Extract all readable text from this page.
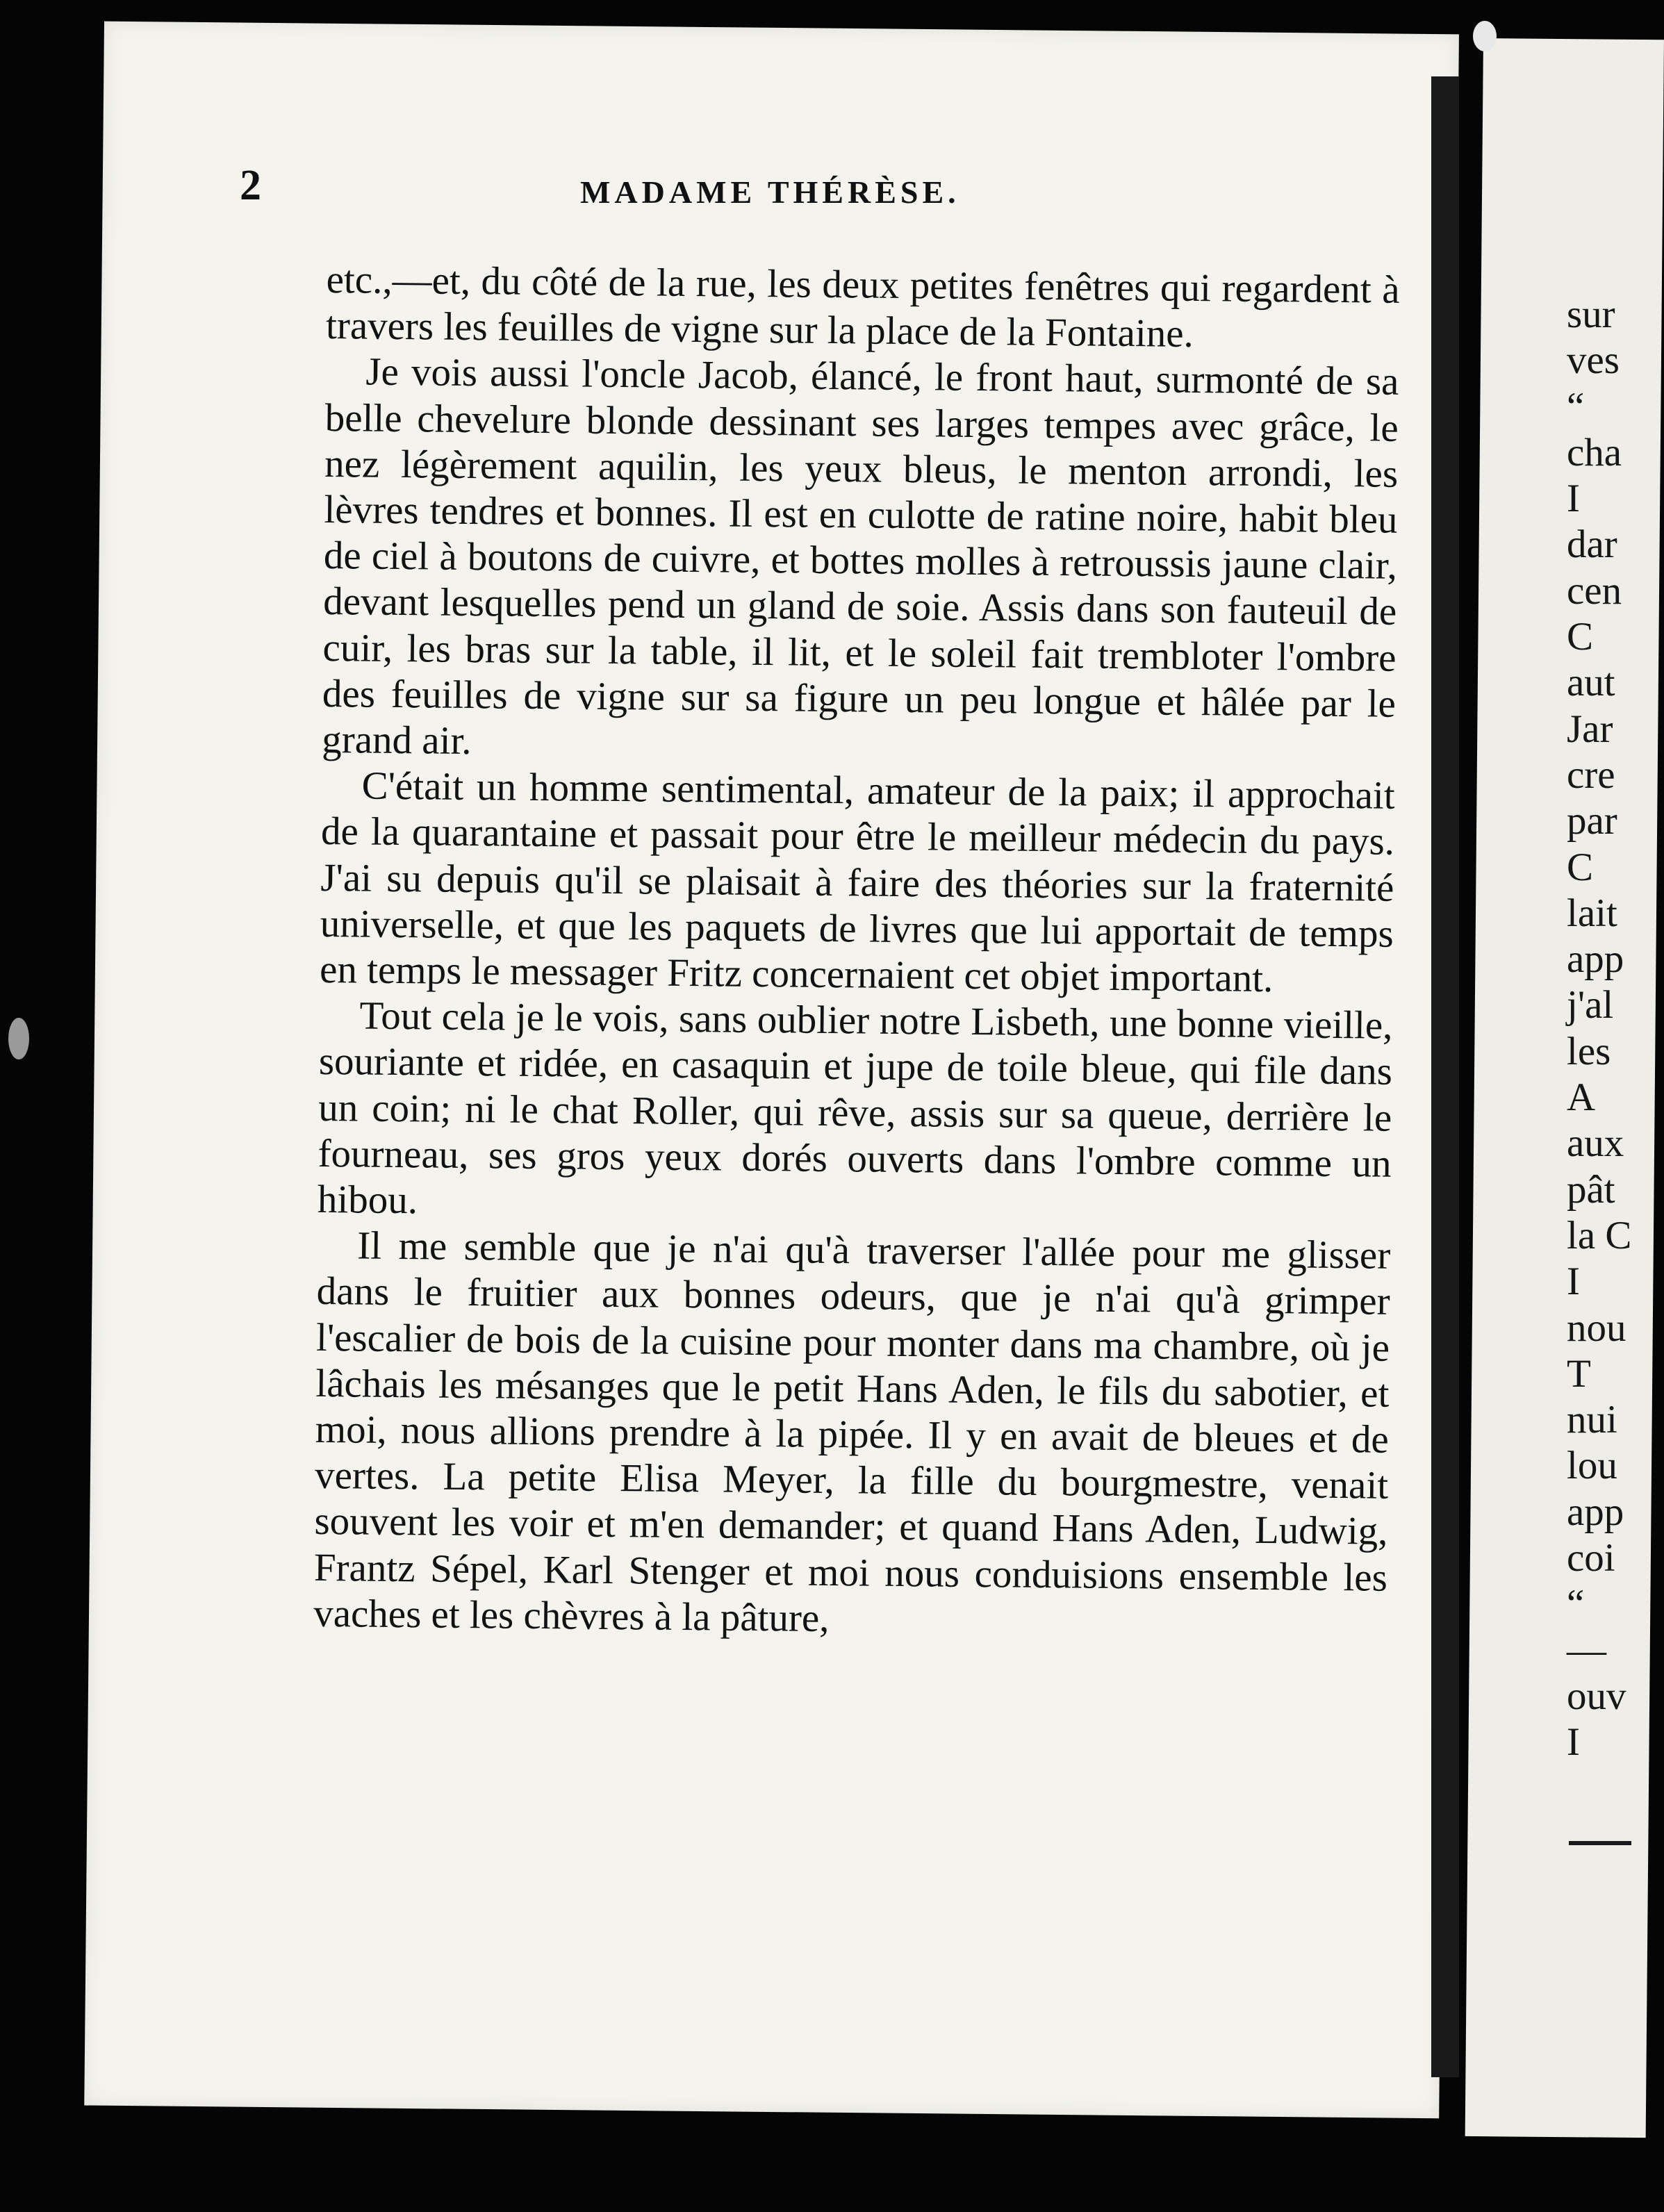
sur
ves
“
cha
I
dar
cen
C
aut
Jar
cre
par
C
lait
app
j'al
les
A
aux
pât
la C
I
nou
T
nui
lou
app
coi
“
—
ouv
I
2	MADAME THÉRÈSE.

etc.,—et, du côté de la rue, les deux petites fenêtres qui regardent à travers les feuilles de vigne sur la place de la Fontaine.

Je vois aussi l'oncle Jacob, élancé, le front haut, surmonté de sa belle chevelure blonde dessinant ses larges tempes avec grâce, le nez légèrement aquilin, les yeux bleus, le menton arrondi, les lèvres tendres et bonnes. Il est en culotte de ratine noire, habit bleu de ciel à boutons de cuivre, et bottes molles à retroussis jaune clair, devant lesquelles pend un gland de soie. Assis dans son fauteuil de cuir, les bras sur la table, il lit, et le soleil fait trembloter l'ombre des feuilles de vigne sur sa figure un peu longue et hâlée par le grand air.

C'était un homme sentimental, amateur de la paix; il approchait de la quarantaine et passait pour être le meilleur médecin du pays. J'ai su depuis qu'il se plaisait à faire des théories sur la fraternité universelle, et que les paquets de livres que lui apportait de temps en temps le messager Fritz concernaient cet objet important.

Tout cela je le vois, sans oublier notre Lisbeth, une bonne vieille, souriante et ridée, en casaquin et jupe de toile bleue, qui file dans un coin; ni le chat Roller, qui rêve, assis sur sa queue, derrière le fourneau, ses gros yeux dorés ouverts dans l'ombre comme un hibou.

Il me semble que je n'ai qu'à traverser l'allée pour me glisser dans le fruitier aux bonnes odeurs, que je n'ai qu'à grimper l'escalier de bois de la cuisine pour monter dans ma chambre, où je lâchais les mésanges que le petit Hans Aden, le fils du sabotier, et moi, nous allions prendre à la pipée. Il y en avait de bleues et de vertes. La petite Elisa Meyer, la fille du bourgmestre, venait souvent les voir et m'en demander; et quand Hans Aden, Ludwig, Frantz Sépel, Karl Stenger et moi nous conduisions ensemble les vaches et les chèvres à la pâture,
